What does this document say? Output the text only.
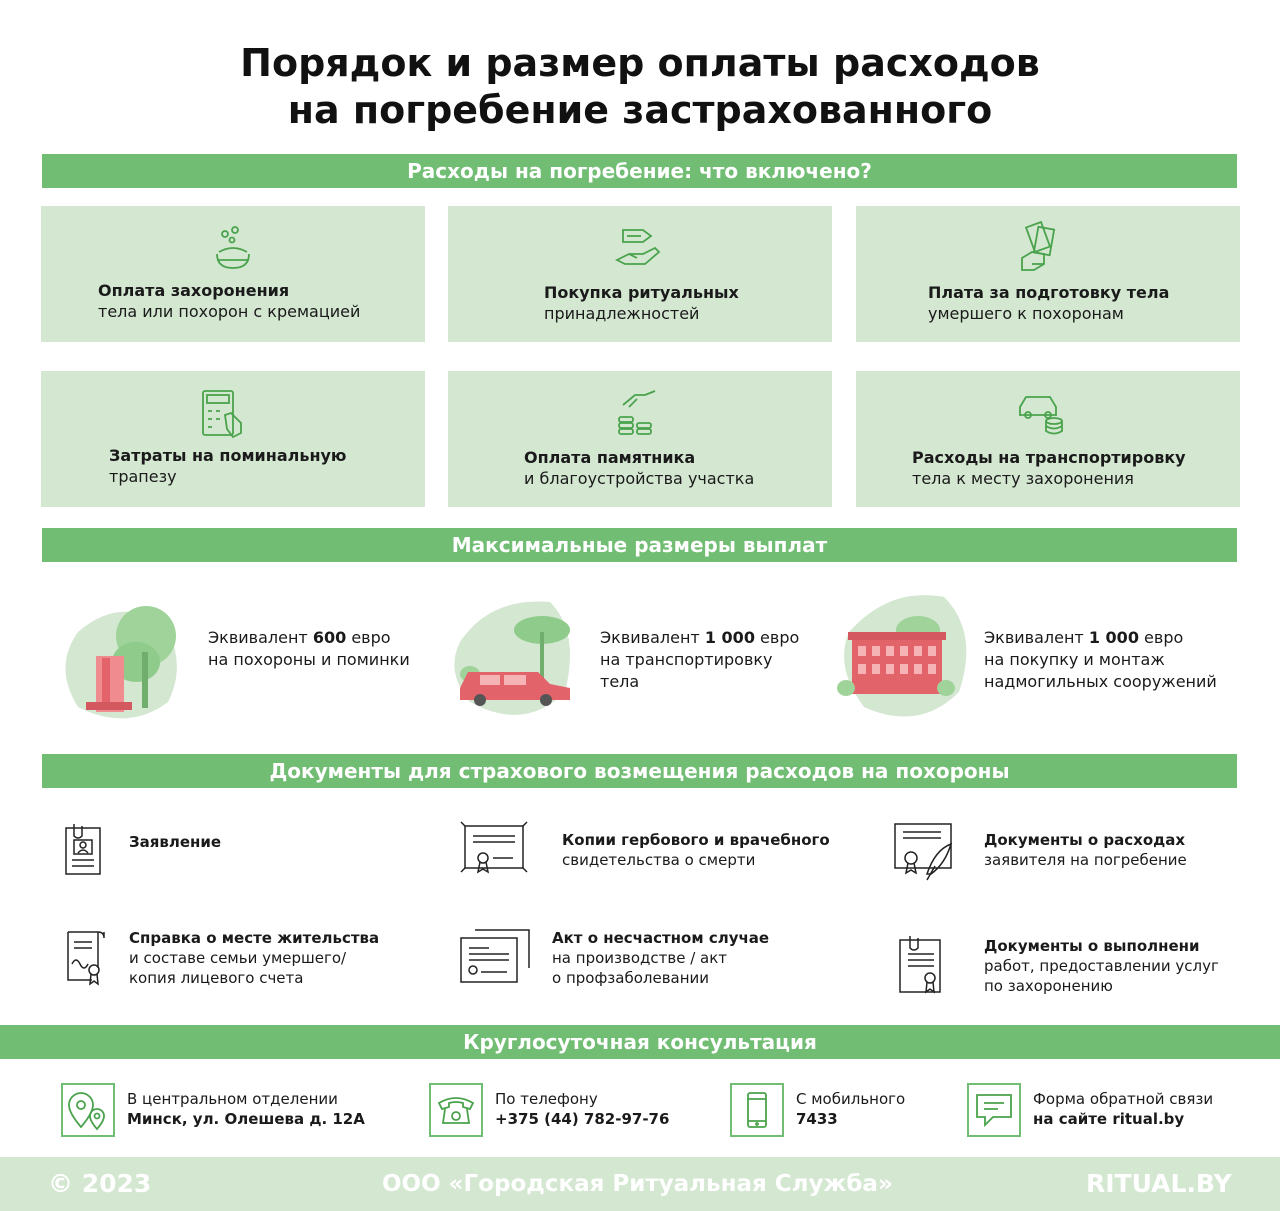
Порядок и размер оплаты расходов
на погребение застрахованного
Расходы на погребение: что включено?
Оплата захоронения
тела или похорон с кремацией
Покупка ритуальных
принадлежностей
Плата за подготовку тела
умершего к похоронам
Затраты на поминальную
трапезу
Оплата памятника
и благоустройства участка
Расходы на транспортировку
тела к месту захоронения
Максимальные размеры выплат
Эквивалент 600 евро
на похороны и поминки
Эквивалент 1 000 евро
на транспортировку
тела
Эквивалент 1 000 евро
на покупку и монтаж
надмогильных сооружений
Документы для страхового возмещения расходов на похороны
Заявление	Копии гербового и врачебного
свидетельства о смерти
Документы о расходах
заявителя на погребение
Справка о месте жительства
и составе семьи умершего/
копия лицевого счета
Акт о несчастном случае
на производстве / акт
о профзаболевании
Документы о выполнени
работ, предоставлении услуг
по захоронению
Круглосуточная консультация
В центральном отделении
Минск, ул. Олешева д. 12А
По телефону
+375 (44) 782-97-76
С мобильного
7433
Форма обратной связи
на сайте ritual.by
© 2023	ООО «Городская Ритуальная Служба»	RITUAL.BY
